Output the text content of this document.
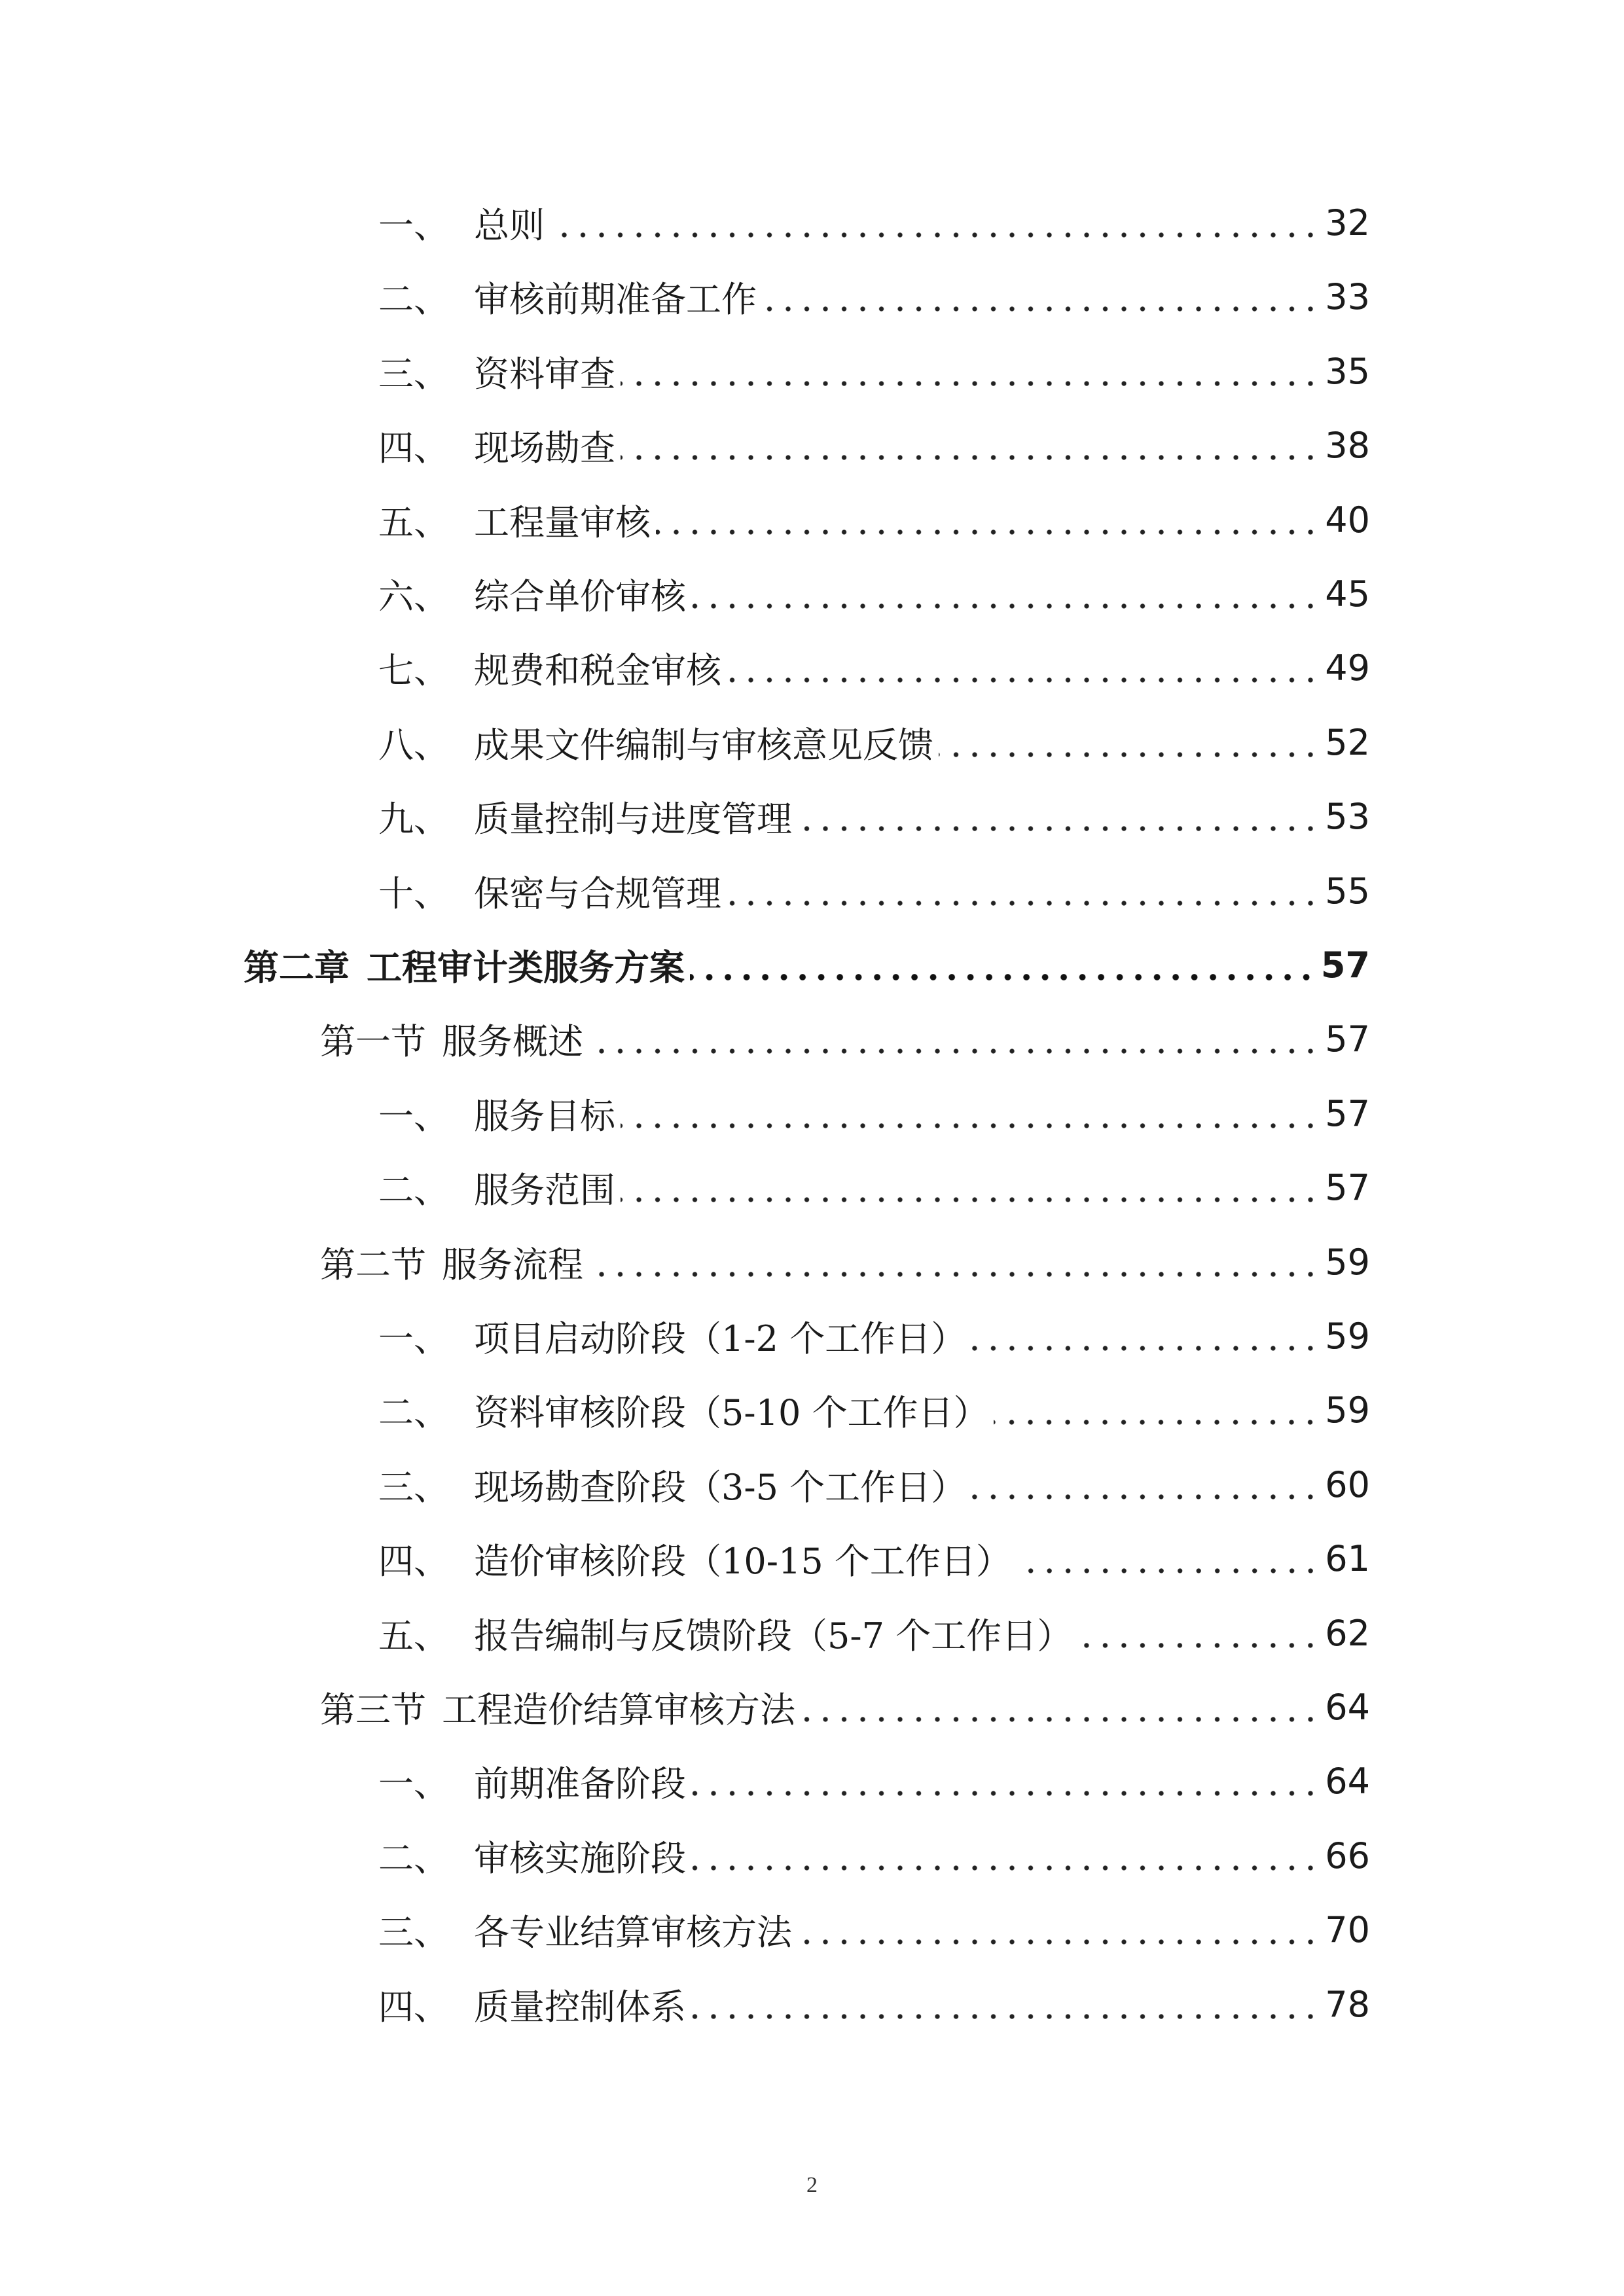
一、 总则	32
二、 审核前期准备工作	33
三、 资料审查	35
四、 现场勘查	38
五、 工程量审核	40
六、 综合单价审核	45
七、 规费和税金审核	49
八、 成果文件编制与审核意见反馈	52
九、 质量控制与进度管理	53
十、 保密与合规管理	55
第二章 工程审计类服务方案	57
第一节 服务概述	57
一、 服务目标	57
二、 服务范围	57
第二节 服务流程	59
一、 项目启动阶段（1-2 个工作日）	59
二、 资料审核阶段（5-10 个工作日）	59
三、 现场勘查阶段（3-5 个工作日）	60
四、 造价审核阶段（10-15 个工作日）	61
五、 报告编制与反馈阶段（5-7 个工作日）	62
第三节 工程造价结算审核方法	64
一、 前期准备阶段	64
二、 审核实施阶段	66
三、 各专业结算审核方法	70
四、 质量控制体系	78
2
